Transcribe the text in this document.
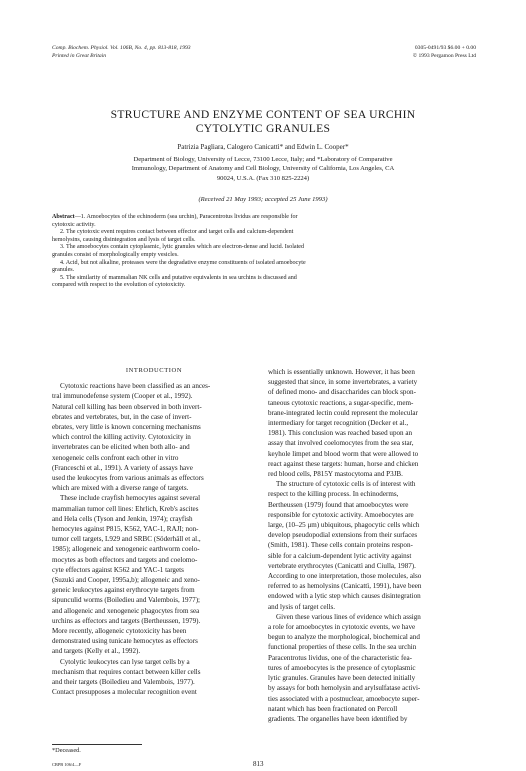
Comp. Biochem. Physiol. Vol. 106B, No. 4, pp. 813-818, 1993
Printed in Great Britain
0305-0491/93 $6.00 + 0.00
© 1993 Pergamon Press Ltd
STRUCTURE AND ENZYME CONTENT OF SEA URCHIN
CYTOLYTIC GRANULES
Patrizia Pagliara, Calogero Canicattì* and Edwin L. Cooper*
Department of Biology, University of Lecce, 73100 Lecce, Italy; and *Laboratory of Comparative
Immunology, Department of Anatomy and Cell Biology, University of California, Los Angeles, CA
90024, U.S.A. (Fax 310 825-2224)
(Received 21 May 1993; accepted 25 June 1993)
Abstract—1. Amoebocytes of the echinoderm (sea urchin), Paracentrotus lividus are responsible for
cytotoxic activity.
2. The cytotoxic event requires contact between effector and target cells and calcium-dependent
hemolysins, causing disintegration and lysis of target cells.
3. The amoebocytes contain cytoplasmic, lytic granules which are electron-dense and lucid. Isolated
granules consist of morphologically empty vesicles.
4. Acid, but not alkaline, proteases were the degradative enzyme constituents of isolated amoebocyte
granules.
5. The similarity of mammalian NK cells and putative equivalents in sea urchins is discussed and
compared with respect to the evolution of cytotoxicity.
INTRODUCTION
Cytotoxic reactions have been classified as an ances-
tral immunodefense system (Cooper et al., 1992).
Natural cell killing has been observed in both invert-
ebrates and vertebrates, but, in the case of invert-
ebrates, very little is known concerning mechanisms
which control the killing activity. Cytotoxicity in
invertebrates can be elicited when both allo- and
xenogeneic cells confront each other in vitro
(Franceschi et al., 1991). A variety of assays have
used the leukocytes from various animals as effectors
which are mixed with a diverse range of targets.
These include crayfish hemocytes against several
mammalian tumor cell lines: Ehrlich, Kreb's ascites
and Hela cells (Tyson and Jenkin, 1974); crayfish
hemocytes against P815, K562, YAC-1, RAJI; non-
tumor cell targets, L929 and SRBC (Söderhäll et al.,
1985); allogeneic and xenogeneic earthworm coelo-
mocytes as both effectors and targets and coelomo-
cyte effectors against K562 and YAC-1 targets
(Suzuki and Cooper, 1995a,b); allogeneic and xeno-
geneic leukocytes against erythrocyte targets from
sipunculid worms (Boiledieu and Valembois, 1977);
and allogeneic and xenogeneic phagocytes from sea
urchins as effectors and targets (Bertheussen, 1979).
More recently, allogeneic cytotoxicity has been
demonstrated using tunicate hemocytes as effectors
and targets (Kelly et al., 1992).
Cytolytic leukocytes can lyse target cells by a
mechanism that requires contact between killer cells
and their targets (Boiledieu and Valembois, 1977).
Contact presupposes a molecular recognition event
which is essentially unknown. However, it has been
suggested that since, in some invertebrates, a variety
of defined mono- and disaccharides can block spon-
taneous cytotoxic reactions, a sugar-specific, mem-
brane-integrated lectin could represent the molecular
intermediary for target recognition (Decker et al.,
1981). This conclusion was reached based upon an
assay that involved coelomocytes from the sea star,
keyhole limpet and blood worm that were allowed to
react against these targets: human, horse and chicken
red blood cells, P815Y mastocytoma and P3JB.
The structure of cytotoxic cells is of interest with
respect to the killing process. In echinoderms,
Bertheussen (1979) found that amoebocytes were
responsible for cytotoxic activity. Amoebocytes are
large, (10–25 μm) ubiquitous, phagocytic cells which
develop pseudopodial extensions from their surfaces
(Smith, 1981). These cells contain proteins respon-
sible for a calcium-dependent lytic activity against
vertebrate erythrocytes (Canicattì and Ciulla, 1987).
According to one interpretation, those molecules, also
referred to as hemolysins (Canicattì, 1991), have been
endowed with a lytic step which causes disintegration
and lysis of target cells.
Given these various lines of evidence which assign
a role for amoebocytes in cytotoxic events, we have
begun to analyze the morphological, biochemical and
functional properties of these cells. In the sea urchin
Paracentrotus lividus, one of the characteristic fea-
tures of amoebocytes is the presence of cytoplasmic
lytic granules. Granules have been detected initially
by assays for both hemolysin and arylsulfatase activi-
ties associated with a postnuclear, amoebocyte super-
natant which has been fractionated on Percoll
gradients. The organelles have been identified by
*Deceased.
CBPB 106/4—F	813
